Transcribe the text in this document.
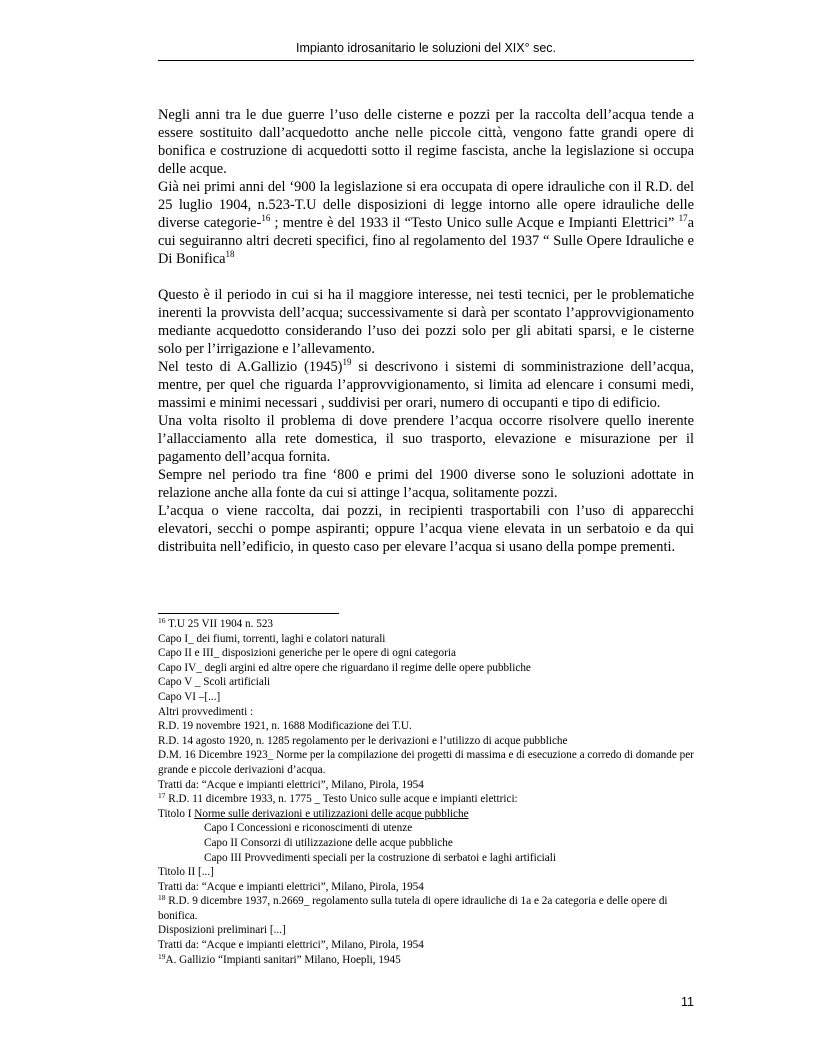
Impianto idrosanitario le soluzioni del XIX° sec.

Negli anni tra le due guerre l’uso delle cisterne e pozzi per la raccolta dell’acqua tende a essere sostituito dall’acquedotto anche nelle piccole città, vengono fatte grandi opere di bonifica e costruzione di acquedotti sotto il regime fascista, anche la legislazione si occupa delle acque.

Già nei primi anni del ‘900 la legislazione si era occupata di opere idrauliche con il R.D. del 25 luglio 1904, n.523-T.U delle disposizioni di legge intorno alle opere idrauliche delle diverse categorie-$^{16}$ ; mentre è del 1933 il “Testo Unico sulle Acque e Impianti Elettrici” $^{17}$a cui seguiranno altri decreti specifici, fino al regolamento del 1937 “ Sulle Opere Idrauliche e Di Bonifica$^{18}$

Questo è il periodo in cui si ha il maggiore interesse, nei testi tecnici, per le problematiche inerenti la provvista dell’acqua; successivamente si darà per scontato l’approvvigionamento mediante acquedotto considerando l’uso dei pozzi solo per gli abitati sparsi, e le cisterne solo per l’irrigazione e l’allevamento.

Nel testo di A.Gallizio $(1945)^{19}$ si descrivono i sistemi di somministrazione dell’acqua, mentre, per quel che riguarda l’approvvigionamento, si limita ad elencare i consumi medi, massimi e minimi necessari , suddivisi per orari, numero di occupanti e tipo di edificio.

Una volta risolto il problema di dove prendere l’acqua occorre risolvere quello inerente l’allacciamento alla rete domestica, il suo trasporto, elevazione e misurazione per il pagamento dell’acqua fornita.

Sempre nel periodo tra fine ‘800 e primi del 1900 diverse sono le soluzioni adottate in relazione anche alla fonte da cui si attinge l’acqua, solitamente pozzi.

L’acqua o viene raccolta, dai pozzi, in recipienti trasportabili con l’uso di apparecchi elevatori, secchi o pompe aspiranti; oppure l’acqua viene elevata in un serbatoio e da qui distribuita nell’edificio, in questo caso per elevare l’acqua si usano della pompe prementi.

$^{16}$ T.U 25 VII 1904 n. 523
Capo I_ dei fiumi, torrenti, laghi e colatori naturali
Capo II e III_ disposizioni generiche per le opere di ogni categoria
Capo IV_ degli argini ed altre opere che riguardano il regime delle opere pubbliche
Capo V _ Scoli artificiali
Capo VI –[...]
Altri provvedimenti :
R.D. 19 novembre 1921, n. 1688 Modificazione dei T.U.
R.D. 14 agosto 1920, n. 1285 regolamento per le derivazioni e l’utilizzo di acque pubbliche
D.M. 16 Dicembre 1923_ Norme per la compilazione dei progetti di massima e di esecuzione a corredo di domande per grande e piccole derivazioni d’acqua.
Tratti da: “Acque e impianti elettrici”, Milano, Pirola, 1954
$^{17}$ R.D. 11 dicembre 1933, n. 1775 _ Testo Unico sulle acque e impianti elettrici:
Titolo I Norme sulle derivazioni e utilizzazioni delle acque pubbliche
Capo I Concessioni e riconoscimenti di utenze
Capo II Consorzi di utilizzazione delle acque pubbliche
Capo III Provvedimenti speciali per la costruzione di serbatoi e laghi artificiali
Titolo II [...]
Tratti da: “Acque e impianti elettrici”, Milano, Pirola, 1954
$^{18}$ R.D. 9 dicembre 1937, n.2669_ regolamento sulla tutela di opere idrauliche di 1a e 2a categoria e delle opere di bonifica.
Disposizioni preliminari [...]
Tratti da: “Acque e impianti elettrici”, Milano, Pirola, 1954
$^{19}$A. Gallizio “Impianti sanitari” Milano, Hoepli, 1945
11
